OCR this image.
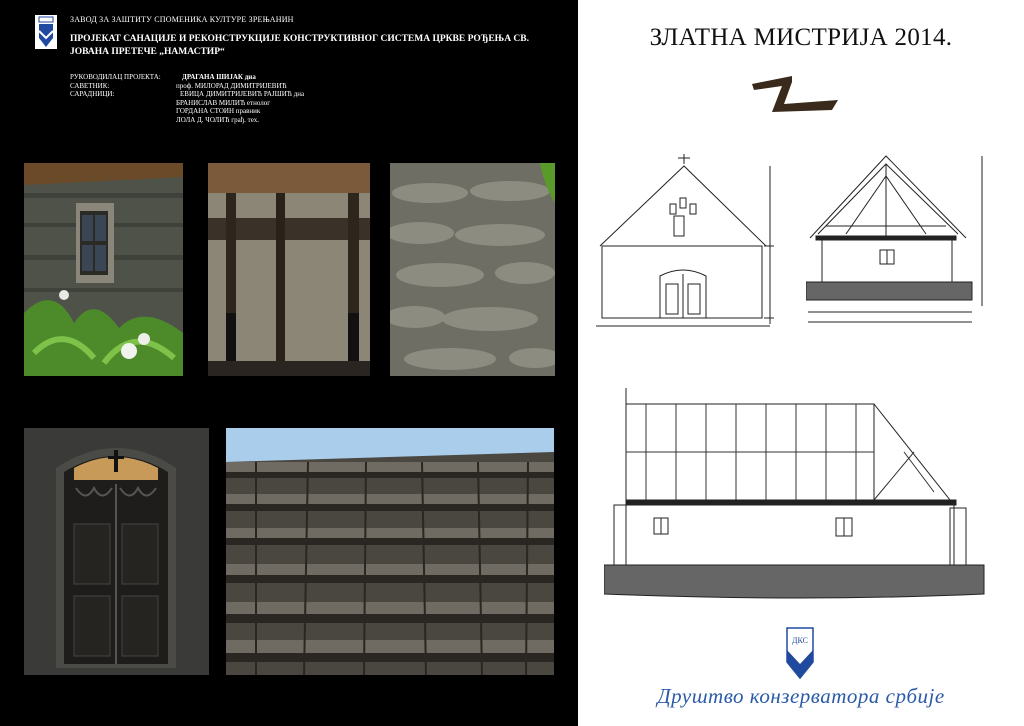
ЗАВОД ЗА ЗАШТИТУ СПОМЕНИКА КУЛТУРЕ ЗРЕЊАНИН
ПРОЈЕКАТ САНАЦИЈЕ И РЕКОНСТРУКЦИЈЕ КОНСТРУКТИВНОГ СИСТЕМА ЦРКВЕ РОЂЕЊА СВ.
ЈОВАНА ПРЕТЕЧЕ „НАМАСТИР“
РУКОВОДИЛАЦ ПРОЈЕКТА:
САВЕТНИК:
САРАДНИЦИ:
ДРАГАНА ШИЈАК дна
проф. МИЛОРАД ДИМИТРИЈЕВИЋ
ЕВИЦА ДИМИТРИЈЕВИЋ РАЈШИЋ дна
БРАНИСЛАВ МИЛИЋ етнолог
ГОРДАНА СТОИН правник
ЛОЛА Д. ЧОЛИЋ грађ. тех.
ЗЛАТНА МИСТРИЈА 2014.
ДКС
Друштво конзерватора србије
